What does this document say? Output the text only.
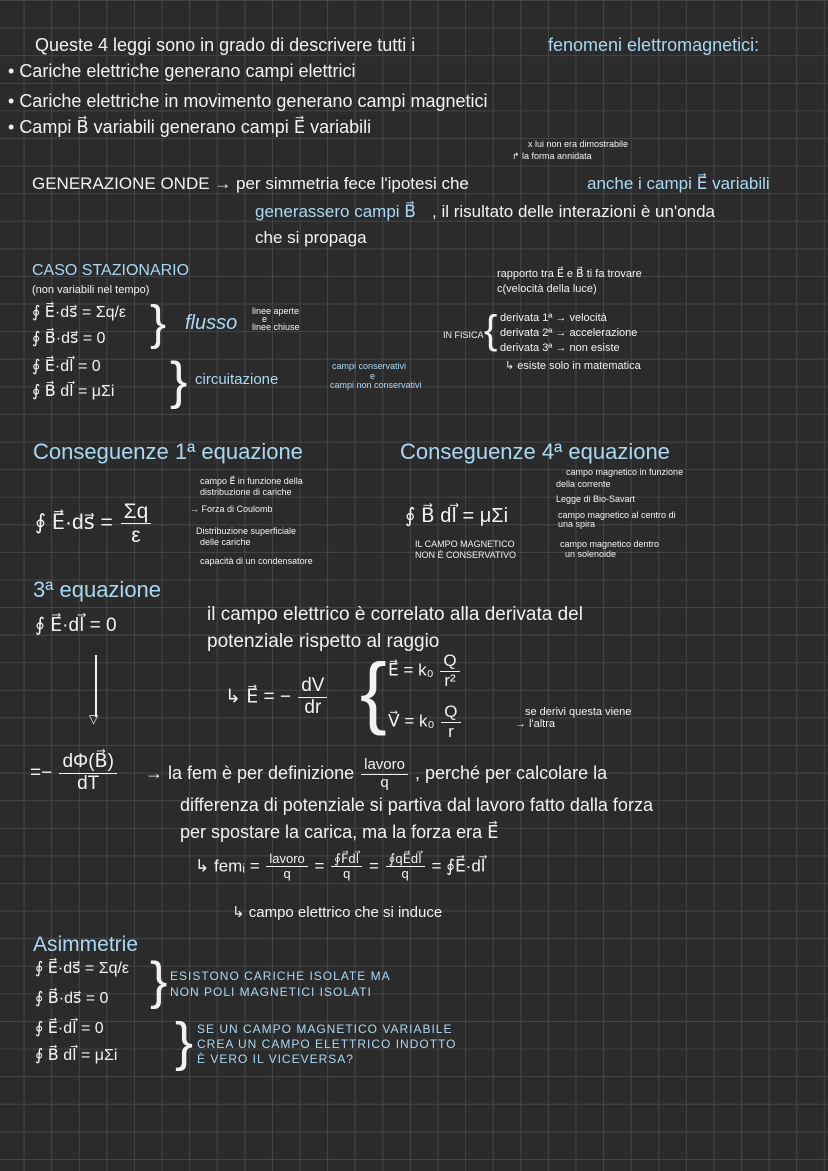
Queste 4 leggi sono in grado di descrivere tutti i	fenomeni elettromagnetici:
• Cariche elettriche generano campi elettrici
• Cariche elettriche in movimento generano campi magnetici
• Campi B⃗ variabili generano campi E⃗ variabili
x lui non era dimostrabile
↱ la forma annidata
GENERAZIONE ONDE → per simmetria fece l'ipotesi che	anche i campi E⃗ variabili
generassero campi B⃗ , il risultato delle interazioni è un'onda
che si propaga
CASO STAZIONARIO
(non variabili nel tempo)
∮ E⃗·ds⃗ = Σq/ε
∮ B⃗·ds⃗ = 0
∮ E⃗·dl⃗ = 0
∮ B⃗ dl⃗ = μΣi
}
}
flusso
linee aperte
e
linee chiuse
circuitazione
campi conservativi
e
campi non conservativi
rapporto tra E⃗ e B⃗ ti fa trovare
c(velocità della luce)
IN FISICA { derivata 1ª → velocità
derivata 2ª → accelerazione
derivata 3ª → non esiste
↳ esiste solo in matematica
Conseguenze 1ª equazione
∮ E⃗·ds⃗ = $\frac{\Sigma q}{\varepsilon}$
campo E⃗ in funzione della
distribuzione di cariche
→ Forza di Coulomb
Distribuzione superficiale
delle cariche
capacità di un condensatore
Conseguenze 4ª equazione
∮ B⃗ dl⃗ = μΣi
IL CAMPO MAGNETICO
NON È CONSERVATIVO
campo magnetico in funzione
della corrente
Legge di Bio-Savart
campo magnetico al centro di
una spira
campo magnetico dentro
un solenoide
3ª equazione
∮ E⃗·dl⃗ = 0
il campo elettrico è correlato alla derivata del
potenziale rispetto al raggio
▽
↳ E⃗ = − $\frac{dV}{dr}$ { E⃗ = $k_0 \frac{Q}{\text{r²}}$
V⃗ = $k_0 \frac{Q}{r}$	se derivi questa viene
→ l'altra
=− $\frac{d\Phi(B⃗)}{dT}$ → la fem è per definizione $\frac{\text{lavoro}}{q}$ , perché per calcolare la
differenza di potenziale si partiva dal lavoro fatto dalla forza
per spostare la carica, ma la forza era E⃗
↳ femᵢ = $\frac{\text{lavoro}}{q} = \frac{∮F⃗dl⃗}{q} = \frac{∮qE⃗dl⃗}{q}$ = ∮E⃗·dl⃗
↳ campo elettrico che si induce
Asimmetrie
∮ E⃗·ds⃗ = Σq/ε
∮ B⃗·ds⃗ = 0
∮ E⃗·dl⃗ = 0
∮ B⃗ dl⃗ = μΣi
}
}
ESISTONO CARICHE ISOLATE MA
NON POLI MAGNETICI ISOLATI
SE UN CAMPO MAGNETICO VARIABILE
CREA UN CAMPO ELETTRICO INDOTTO
È VERO IL VICEVERSA?
